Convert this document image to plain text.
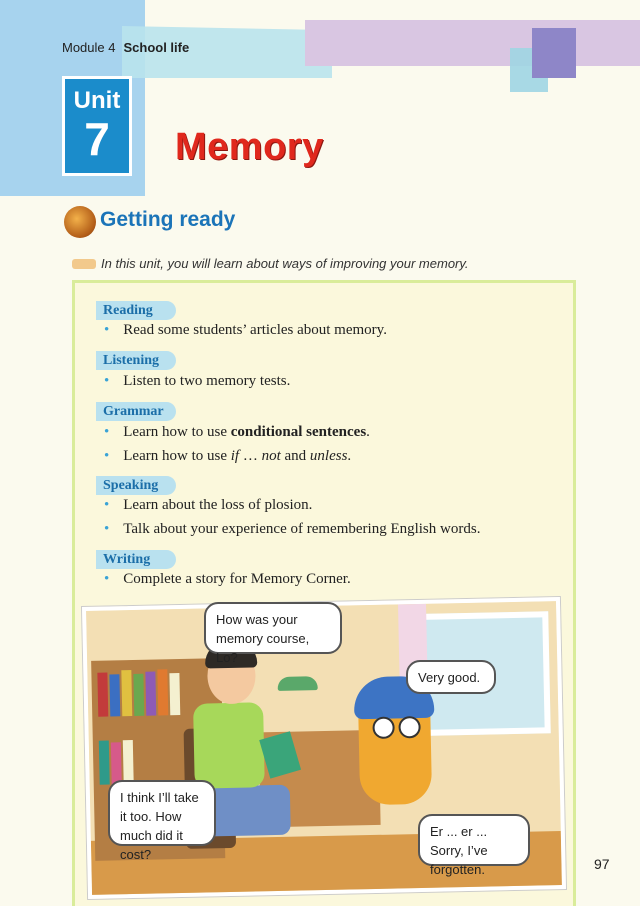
Module 4 School life
Unit
7	Memory
Getting ready
In this unit, you will learn about ways of improving your memory.
Reading
• Read some students’ articles about memory.
Listening
• Listen to two memory tests.
Grammar
• Learn how to use conditional sentences.
• Learn how to use if … not and unless.
Speaking
• Learn about the loss of plosion.
• Talk about your experience of remembering English words.
Writing
• Complete a story for Memory Corner.
How was your memory course, Lo?
Very good.
I think I’ll take it too. How much did it cost?
Er ... er ... Sorry, I’ve forgotten.	97
